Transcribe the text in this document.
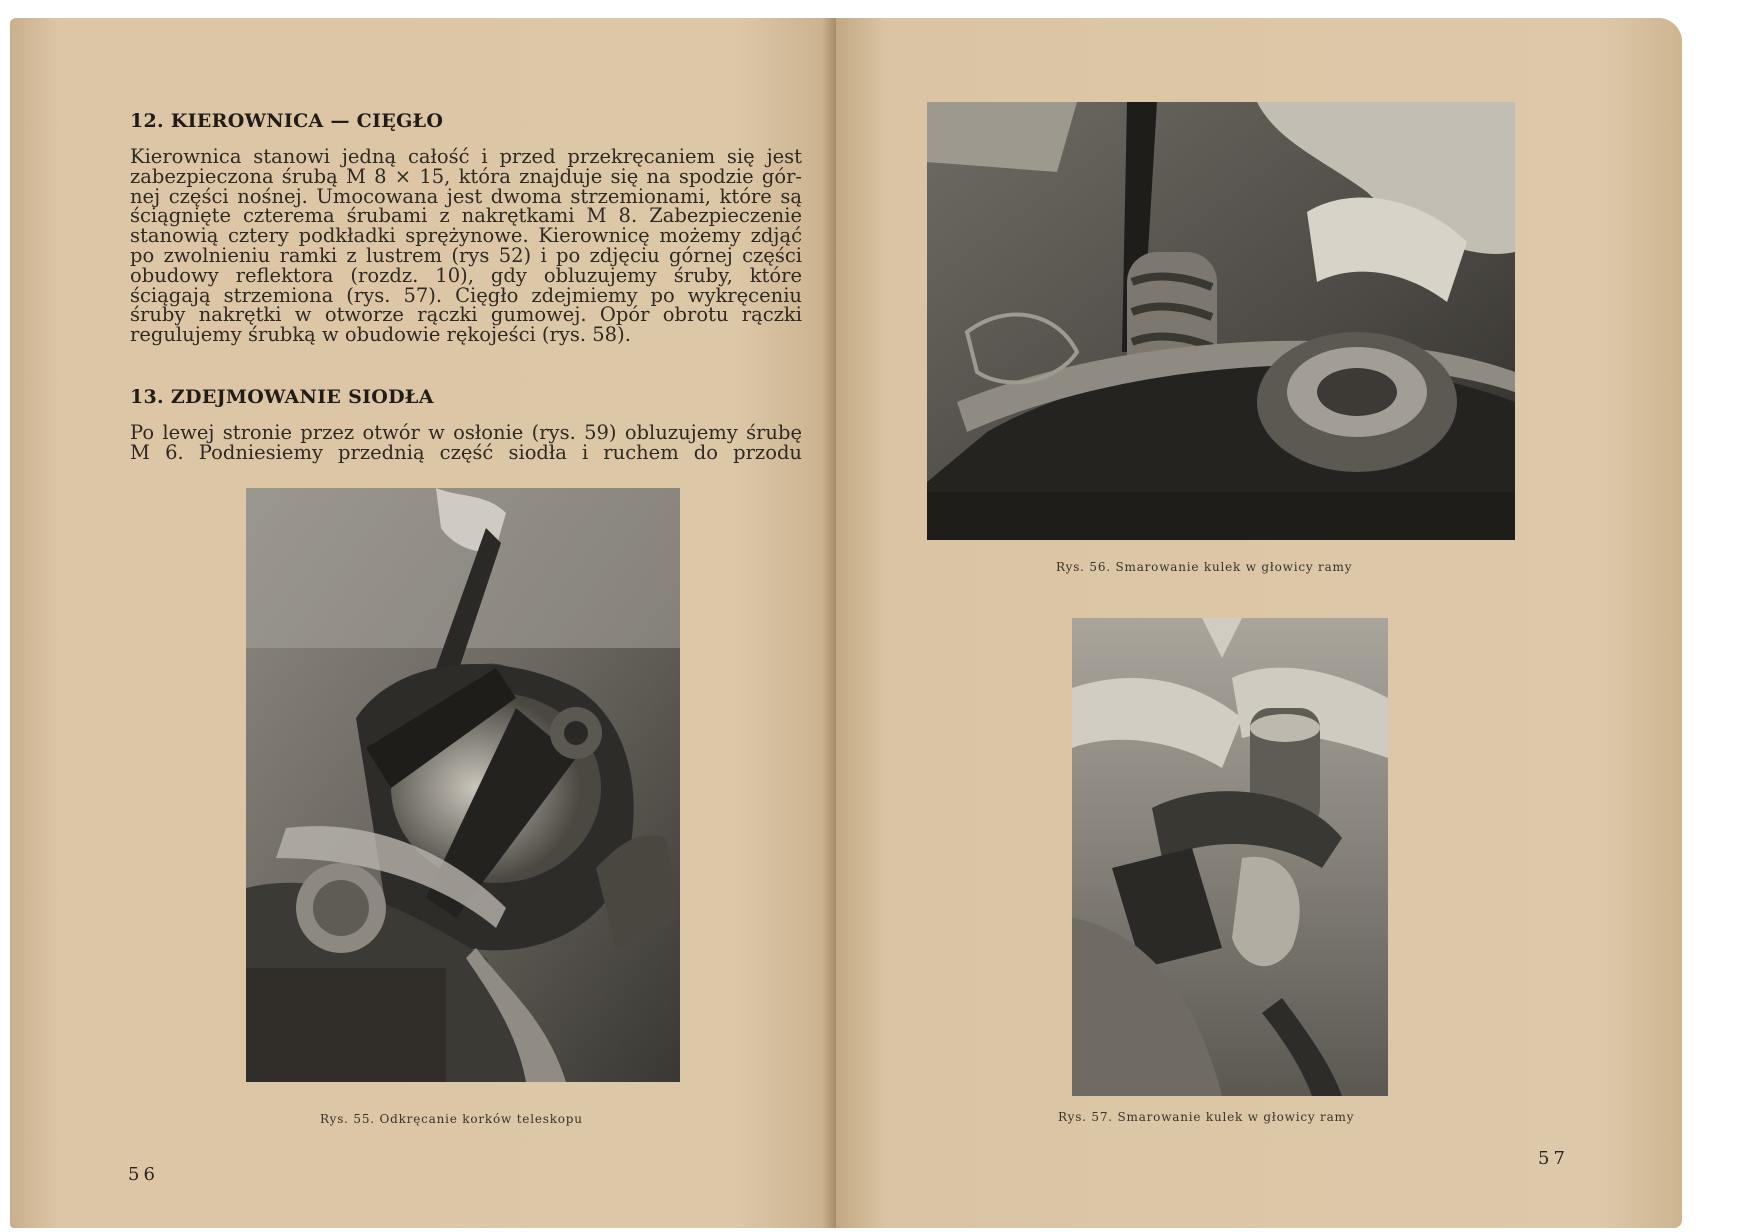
12. KIEROWNICA — CIĘGŁO
Kierownica stanowi jedną całość i przed przekręcaniem się jest
zabezpieczona śrubą M 8 × 15, która znajduje się na spodzie gór-
nej części nośnej. Umocowana jest dwoma strzemionami, które są
ściągnięte czterema śrubami z nakrętkami M 8. Zabezpieczenie
stanowią cztery podkładki sprężynowe. Kierownicę możemy zdjąć
po zwolnieniu ramki z lustrem (rys 52) i po zdjęciu górnej części
obudowy reflektora (rozdz. 10), gdy obluzujemy śruby, które
ściągają strzemiona (rys. 57). Cięgło zdejmiemy po wykręceniu
śruby nakrętki w otworze rączki gumowej. Opór obrotu rączki
regulujemy śrubką w obudowie rękojeści (rys. 58).
13. ZDEJMOWANIE SIODŁA
Po lewej stronie przez otwór w osłonie (rys. 59) obluzujemy śrubę
M 6. Podniesiemy przednią część siodła i ruchem do przodu
Rys. 55. Odkręcanie korków teleskopu
56
Rys. 56. Smarowanie kulek w głowicy ramy
Rys. 57. Smarowanie kulek w głowicy ramy
57
